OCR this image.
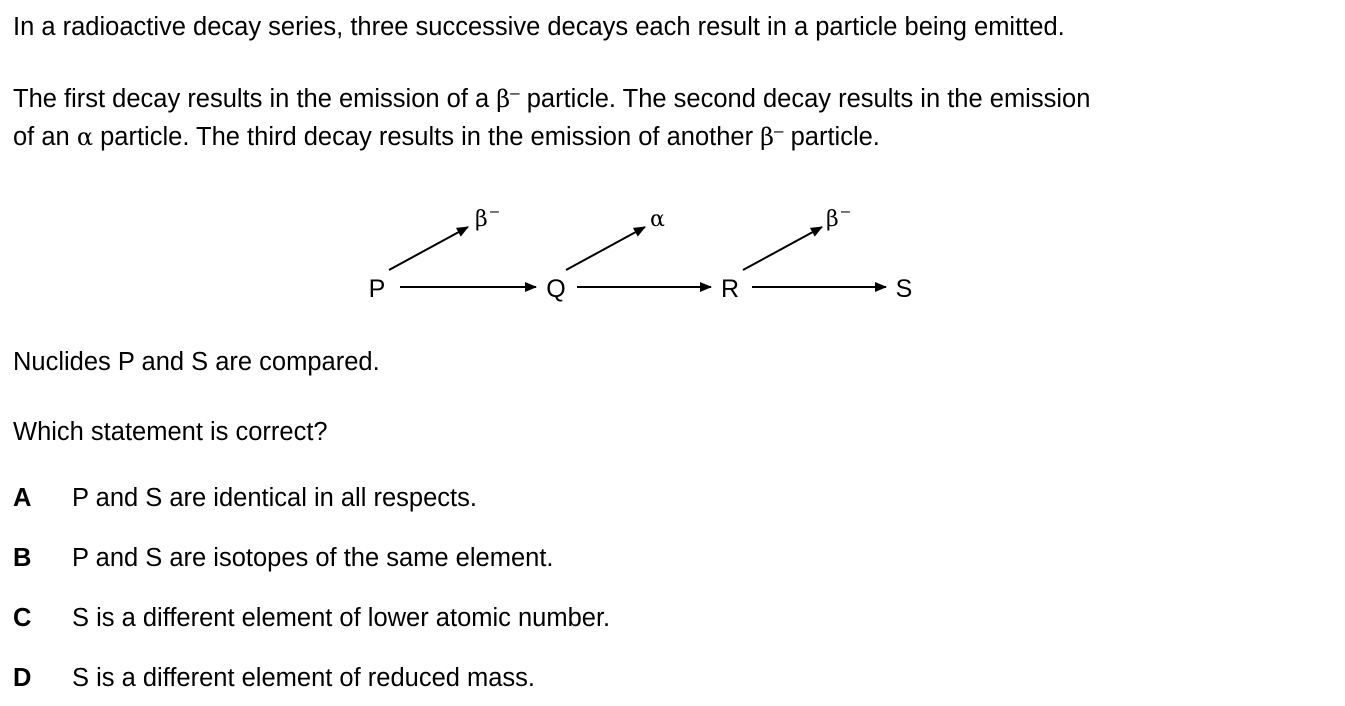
In a radioactive decay series, three successive decays each result in a particle being emitted.

The first decay results in the emission of a β– particle. The second decay results in the emission
of an α particle. The third decay results in the emission of another β– particle.

P	Q	R	S
β –	α	β –

Nuclides P and S are compared.

Which statement is correct?

A P and S are identical in all respects.
B P and S are isotopes of the same element.
C S is a different element of lower atomic number.
D S is a different element of reduced mass.
